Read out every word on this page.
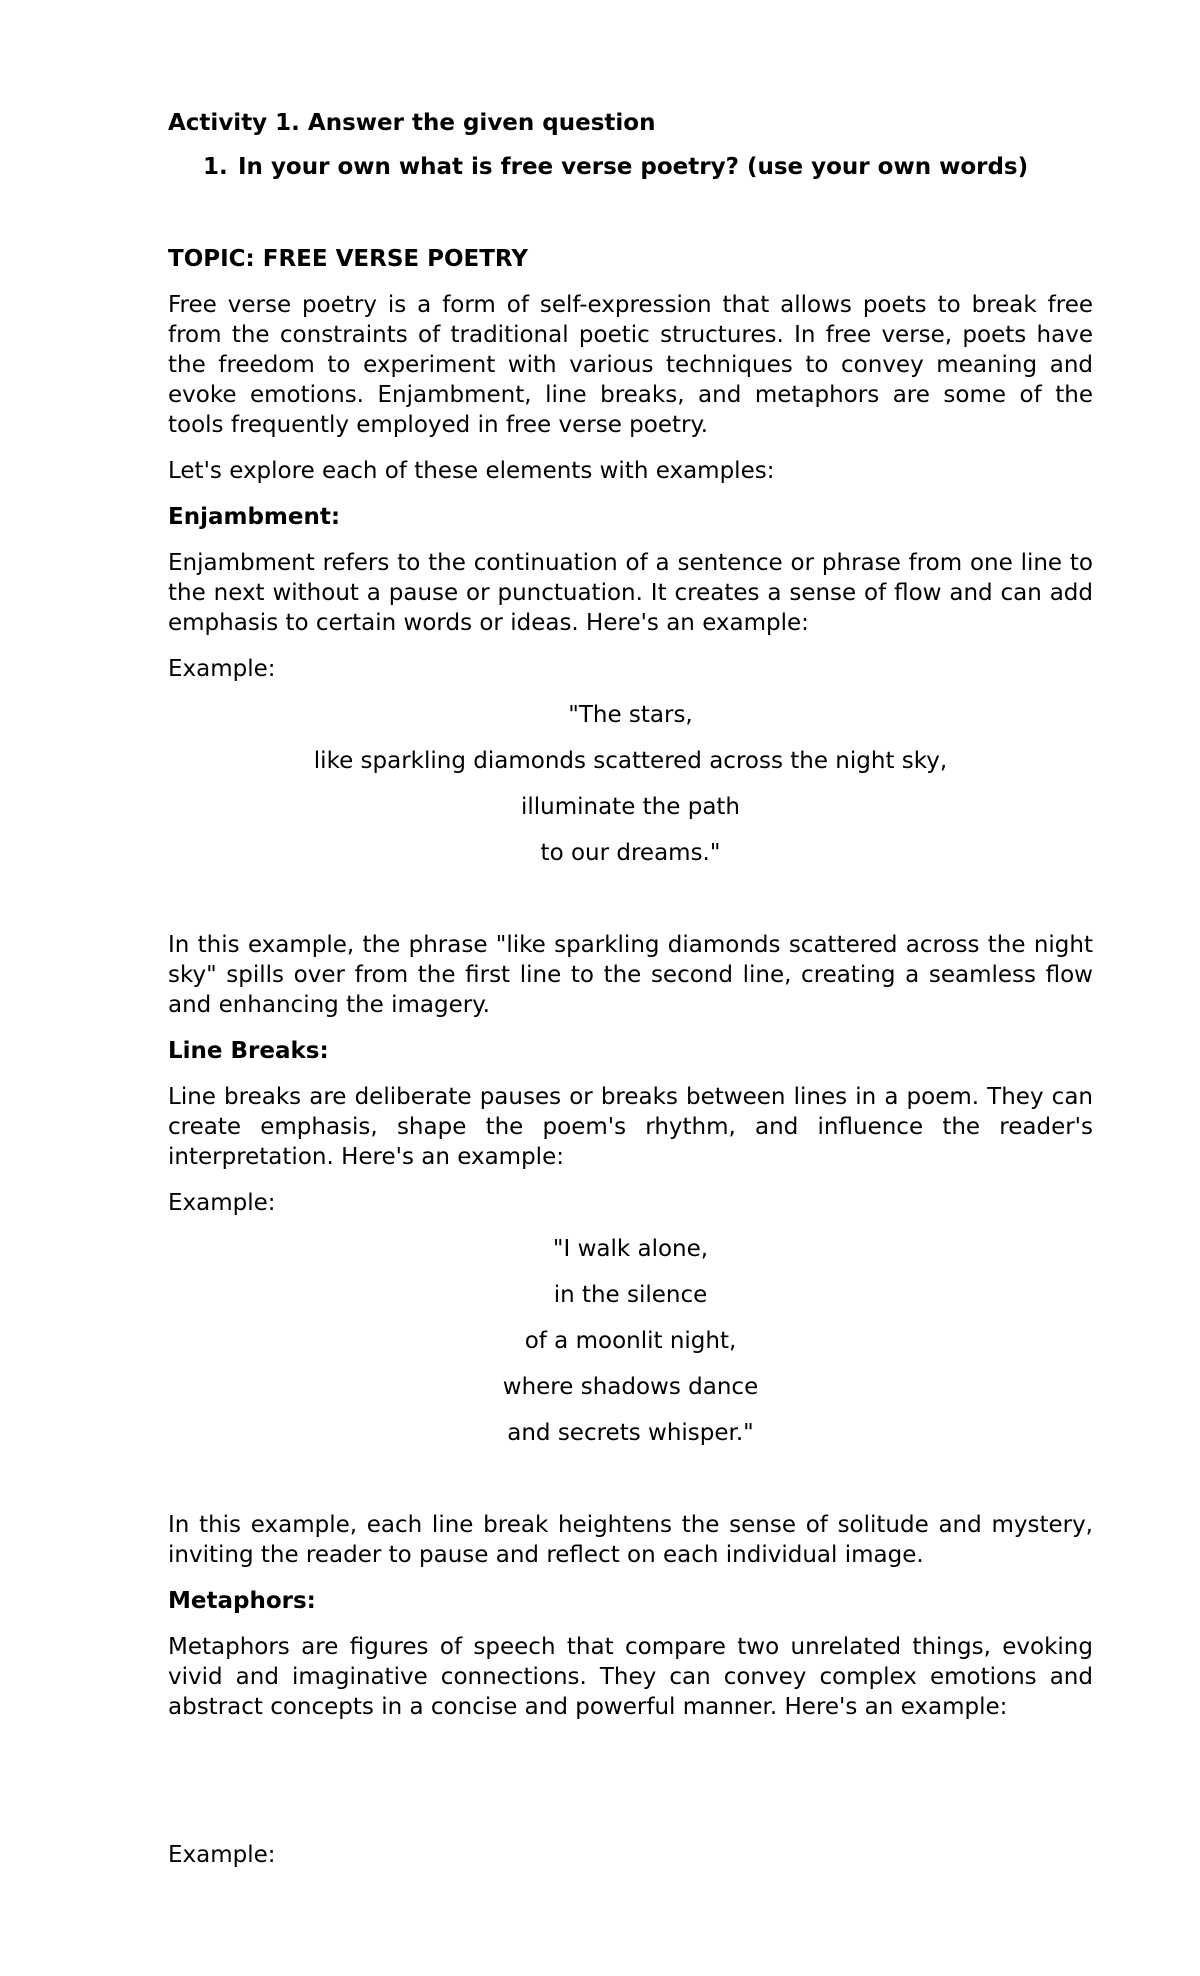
Activity 1. Answer the given question

1. In your own what is free verse poetry? (use your own words)

TOPIC: FREE VERSE POETRY

Free verse poetry is a form of self-expression that allows poets to break free from the constraints of traditional poetic structures. In free verse, poets have the freedom to experiment with various techniques to convey meaning and evoke emotions. Enjambment, line breaks, and metaphors are some of the tools frequently employed in free verse poetry.

Let's explore each of these elements with examples:

Enjambment:

Enjambment refers to the continuation of a sentence or phrase from one line to the next without a pause or punctuation. It creates a sense of flow and can add emphasis to certain words or ideas. Here's an example:

Example:

"The stars,

like sparkling diamonds scattered across the night sky,

illuminate the path

to our dreams."

In this example, the phrase "like sparkling diamonds scattered across the night sky" spills over from the first line to the second line, creating a seamless flow and enhancing the imagery.

Line Breaks:

Line breaks are deliberate pauses or breaks between lines in a poem. They can create emphasis, shape the poem's rhythm, and influence the reader's interpretation. Here's an example:

Example:

"I walk alone,

in the silence

of a moonlit night,

where shadows dance

and secrets whisper."

In this example, each line break heightens the sense of solitude and mystery, inviting the reader to pause and reflect on each individual image.

Metaphors:

Metaphors are figures of speech that compare two unrelated things, evoking vivid and imaginative connections. They can convey complex emotions and abstract concepts in a concise and powerful manner. Here's an example:

Example:
